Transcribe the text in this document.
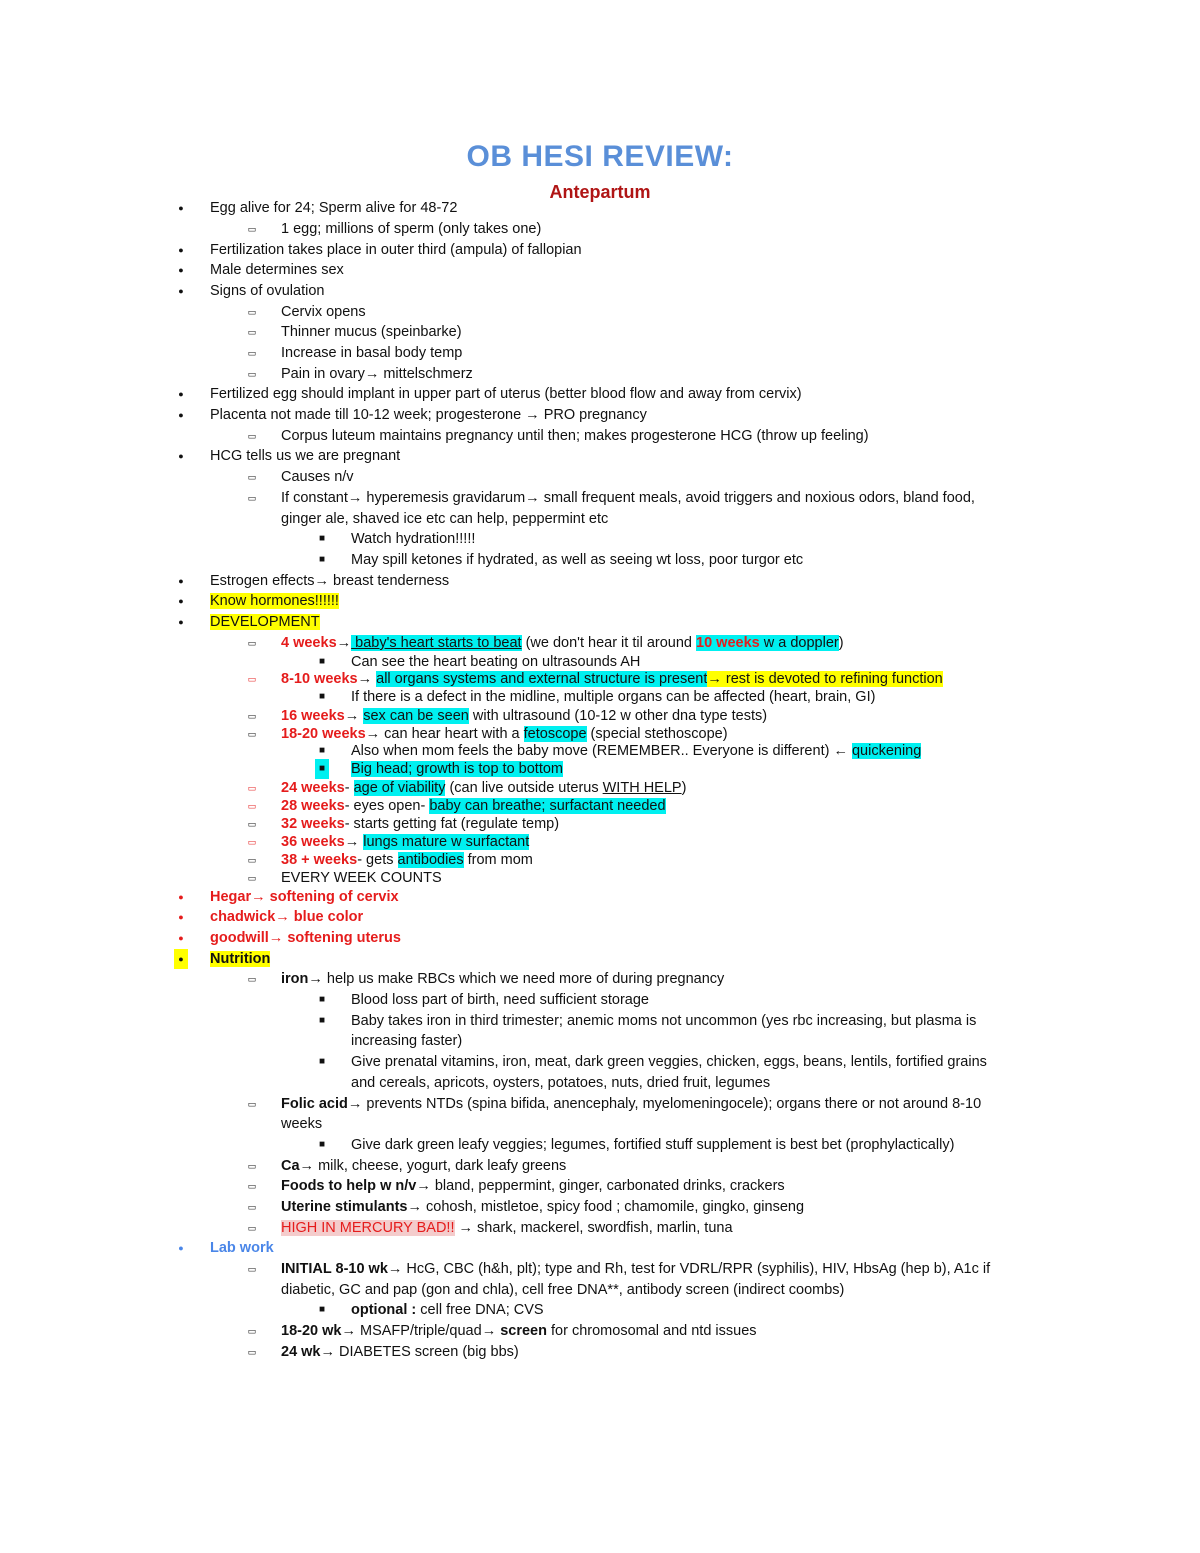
OB HESI REVIEW:
Antepartum
● Egg alive for 24; Sperm alive for 48-72
▭ 1 egg; millions of sperm (only takes one)
● Fertilization takes place in outer third (ampula) of fallopian
● Male determines sex
● Signs of ovulation
▭ Cervix opens
▭ Thinner mucus (speinbarke)
▭ Increase in basal body temp
▭ Pain in ovary→ mittelschmerz
● Fertilized egg should implant in upper part of uterus (better blood flow and away from cervix)
● Placenta not made till 10-12 week; progesterone → PRO pregnancy
▭ Corpus luteum maintains pregnancy until then; makes progesterone HCG (throw up feeling)
● HCG tells us we are pregnant
▭ Causes n/v
▭ If constant→ hyperemesis gravidarum→ small frequent meals, avoid triggers and noxious odors, bland food,
ginger ale, shaved ice etc can help, peppermint etc
■ Watch hydration!!!!!
■ May spill ketones if hydrated, as well as seeing wt loss, poor turgor etc
● Estrogen effects→ breast tenderness
● Know hormones!!!!!!
● DEVELOPMENT
▭ 4 weeks→ baby's heart starts to beat (we don't hear it til around 10 weeks w a doppler)
■ Can see the heart beating on ultrasounds AH
▭ 8-10 weeks→ all organs systems and external structure is present→ rest is devoted to refining function
■ If there is a defect in the midline, multiple organs can be affected (heart, brain, GI)
▭ 16 weeks→ sex can be seen with ultrasound (10-12 w other dna type tests)
▭ 18-20 weeks→ can hear heart with a fetoscope (special stethoscope)
■ Also when mom feels the baby move (REMEMBER.. Everyone is different) ← quickening
■ Big head; growth is top to bottom
▭ 24 weeks- age of viability (can live outside uterus WITH HELP)
▭ 28 weeks- eyes open- baby can breathe; surfactant needed
▭ 32 weeks- starts getting fat (regulate temp)
▭ 36 weeks→ lungs mature w surfactant
▭ 38 + weeks- gets antibodies from mom
▭ EVERY WEEK COUNTS
● Hegar→ softening of cervix
● chadwick→ blue color
● goodwill→ softening uterus
● Nutrition
▭ iron→ help us make RBCs which we need more of during pregnancy
■ Blood loss part of birth, need sufficient storage
■ Baby takes iron in third trimester; anemic moms not uncommon (yes rbc increasing, but plasma is
increasing faster)
■ Give prenatal vitamins, iron, meat, dark green veggies, chicken, eggs, beans, lentils, fortified grains
and cereals, apricots, oysters, potatoes, nuts, dried fruit, legumes
▭ Folic acid→ prevents NTDs (spina bifida, anencephaly, myelomeningocele); organs there or not around 8-10
weeks
■ Give dark green leafy veggies; legumes, fortified stuff supplement is best bet (prophylactically)
▭ Ca→ milk, cheese, yogurt, dark leafy greens
▭ Foods to help w n/v→ bland, peppermint, ginger, carbonated drinks, crackers
▭ Uterine stimulants→ cohosh, mistletoe, spicy food ; chamomile, gingko, ginseng
▭ HIGH IN MERCURY BAD!! → shark, mackerel, swordfish, marlin, tuna
● Lab work
▭ INITIAL 8-10 wk→ HcG, CBC (h&h, plt); type and Rh, test for VDRL/RPR (syphilis), HIV, HbsAg (hep b), A1c if
diabetic, GC and pap (gon and chla), cell free DNA**, antibody screen (indirect coombs)
■ optional : cell free DNA; CVS
▭ 18-20 wk→ MSAFP/triple/quad→ screen for chromosomal and ntd issues
▭ 24 wk→ DIABETES screen (big bbs)
